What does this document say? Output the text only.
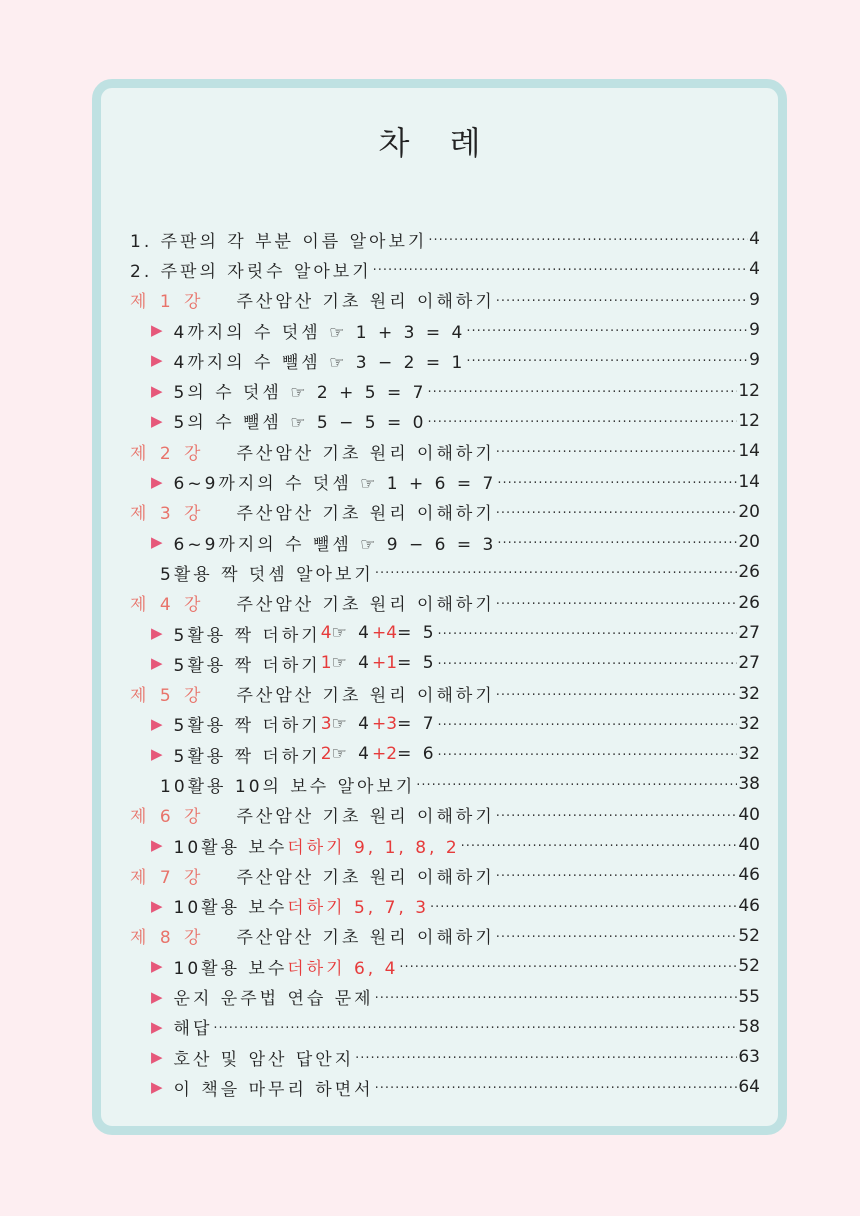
차 례
1. 주판의 각 부분 이름 알아보기 ·····	4
2. 주판의 자릿수 알아보기 ·····	4
제 1 강 주산암산 기초 원리 이해하기 ·····	9
▶ 4까지의 수 덧셈 ☞ 1 + 3 = 4 ·····	9
▶ 4까지의 수 뺄셈 ☞ 3 − 2 = 1 ·····	9
▶ 5의 수 덧셈 ☞ 2 + 5 = 7 ·····	12
▶ 5의 수 뺄셈 ☞ 5 − 5 = 0 ·····	12
제 2 강 주산암산 기초 원리 이해하기 ·····	14
▶ 6~9까지의 수 덧셈 ☞ 1 + 6 = 7 ·····	14
제 3 강 주산암산 기초 원리 이해하기 ·····	20
▶ 6~9까지의 수 뺄셈 ☞ 9 − 6 = 3 ·····	20
5활용 짝 덧셈 알아보기 ·····	26
제 4 강 주산암산 기초 원리 이해하기 ·····	26
▶ 5활용 짝 더하기 4 ☞ 4 + 4 = 5 ·····	27
▶ 5활용 짝 더하기 1 ☞ 4 + 1 = 5 ·····	27
제 5 강 주산암산 기초 원리 이해하기 ·····	32
▶ 5활용 짝 더하기 3 ☞ 4 + 3 = 7 ·····	32
▶ 5활용 짝 더하기 2 ☞ 4 + 2 = 6 ·····	32
10활용 10의 보수 알아보기 ·····	38
제 6 강 주산암산 기초 원리 이해하기 ·····	40
▶ 10활용 보수 더하기 9, 1, 8, 2 ·····	40
제 7 강 주산암산 기초 원리 이해하기 ·····	46
▶ 10활용 보수 더하기 5, 7, 3 ·····	46
제 8 강 주산암산 기초 원리 이해하기 ·····	52
▶ 10활용 보수 더하기 6, 4 ·····	52
▶ 운지 운주법 연습 문제 ·····	55
▶ 해답 ·····	58
▶ 호산 및 암산 답안지 ·····	63
▶ 이 책을 마무리 하면서 ·····	64
